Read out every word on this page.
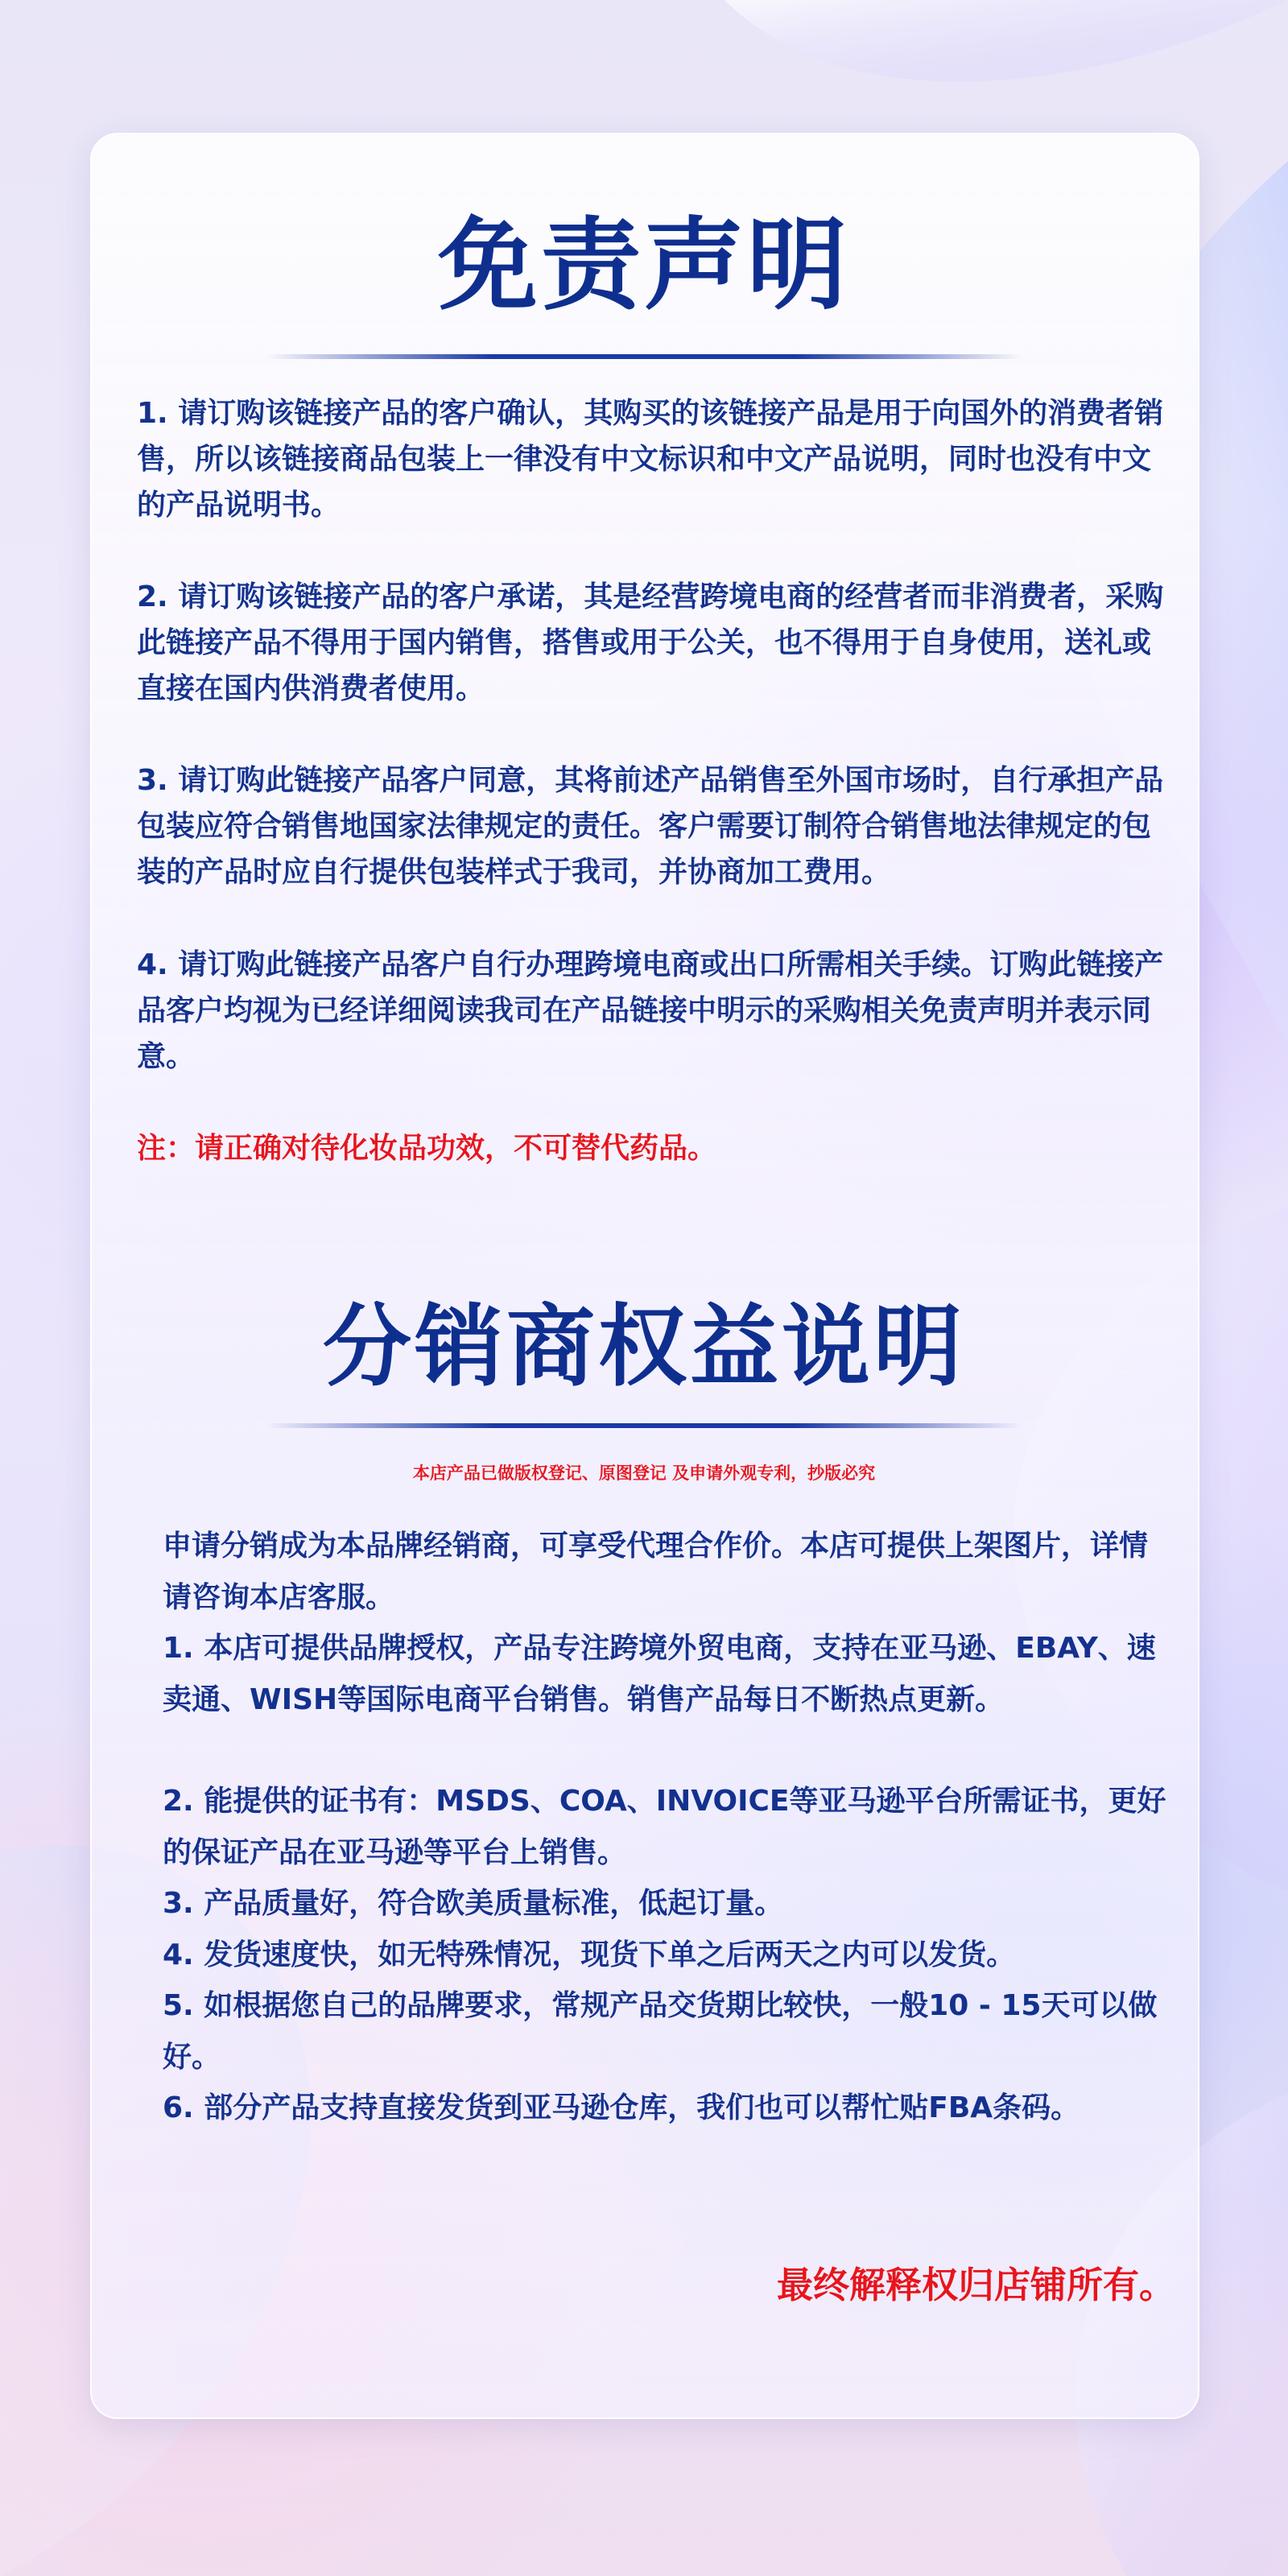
免责声明

1. 请订购该链接产品的客户确认，其购买的该链接产品是用于向国外的消费者销售，所以该链接商品包装上一律没有中文标识和中文产品说明，同时也没有中文的产品说明书。

2. 请订购该链接产品的客户承诺，其是经营跨境电商的经营者而非消费者，采购此链接产品不得用于国内销售，搭售或用于公关，也不得用于自身使用，送礼或直接在国内供消费者使用。

3. 请订购此链接产品客户同意，其将前述产品销售至外国市场时，自行承担产品包装应符合销售地国家法律规定的责任。客户需要订制符合销售地法律规定的包装的产品时应自行提供包装样式于我司，并协商加工费用。

4. 请订购此链接产品客户自行办理跨境电商或出口所需相关手续。订购此链接产品客户均视为已经详细阅读我司在产品链接中明示的采购相关免责声明并表示同意。

注：请正确对待化妆品功效，不可替代药品。

分销商权益说明
本店产品已做版权登记、原图登记 及申请外观专利，抄版必究

申请分销成为本品牌经销商，可享受代理合作价。本店可提供上架图片，详情请咨询本店客服。

1. 本店可提供品牌授权，产品专注跨境外贸电商，支持在亚马逊、EBAY、速卖通、WISH等国际电商平台销售。销售产品每日不断热点更新。

2. 能提供的证书有：MSDS、COA、INVOICE等亚马逊平台所需证书，更好的保证产品在亚马逊等平台上销售。

3. 产品质量好，符合欧美质量标准，低起订量。

4. 发货速度快，如无特殊情况，现货下单之后两天之内可以发货。

5. 如根据您自己的品牌要求，常规产品交货期比较快，一般10 - 15天可以做好。

6. 部分产品支持直接发货到亚马逊仓库，我们也可以帮忙贴FBA条码。

最终解释权归店铺所有。
